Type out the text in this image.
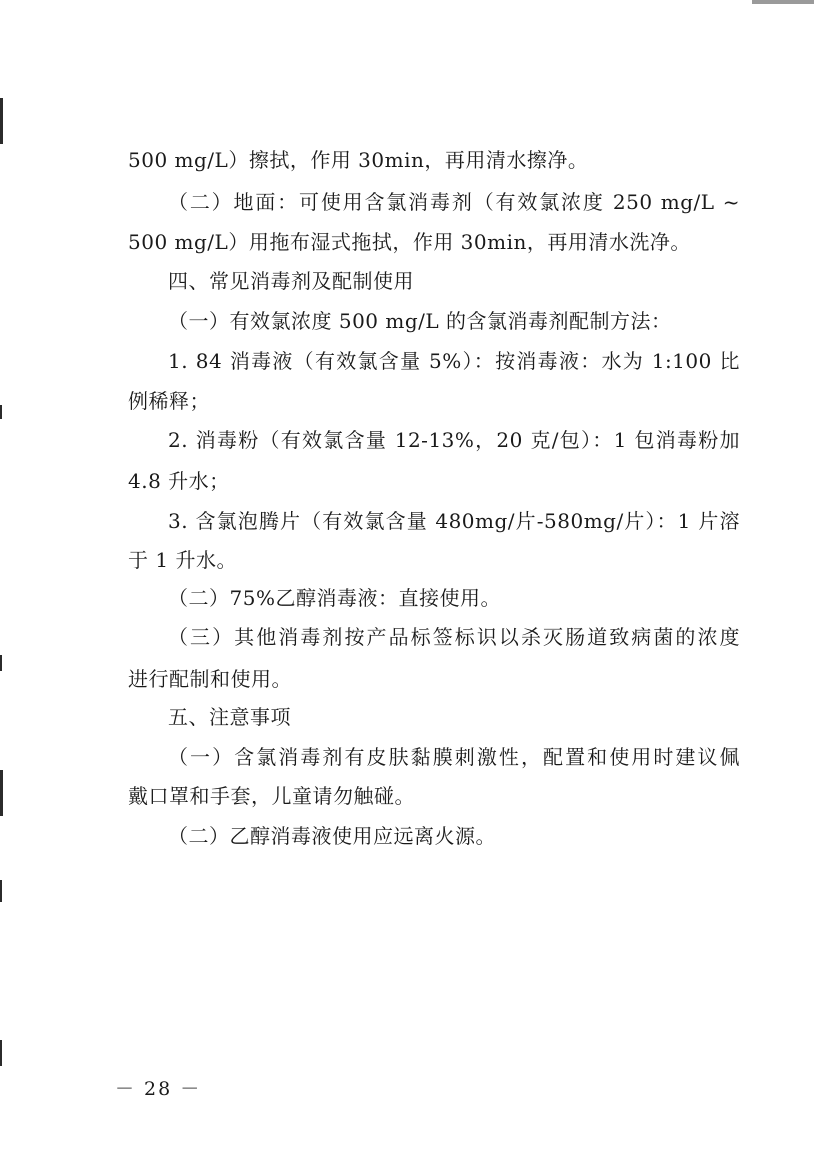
500 mg/L）擦拭，作用 30min，再用清水擦净。
（二）地面：可使用含氯消毒剂（有效氯浓度 250 mg/L ~
500 mg/L）用拖布湿式拖拭，作用 30min，再用清水洗净。
四、常见消毒剂及配制使用
（一）有效氯浓度 500 mg/L 的含氯消毒剂配制方法：
1. 84 消毒液（有效氯含量 5%）：按消毒液：水为 1:100 比
例稀释；
2. 消毒粉（有效氯含量 12-13%，20 克/包）：1 包消毒粉加
4.8 升水；
3. 含氯泡腾片（有效氯含量 480mg/片-580mg/片）：1 片溶
于 1 升水。
（二）75%乙醇消毒液：直接使用。
（三）其他消毒剂按产品标签标识以杀灭肠道致病菌的浓度
进行配制和使用。
五、注意事项
（一）含氯消毒剂有皮肤黏膜刺激性，配置和使用时建议佩
戴口罩和手套，儿童请勿触碰。
（二）乙醇消毒液使用应远离火源。
－ 28 －
